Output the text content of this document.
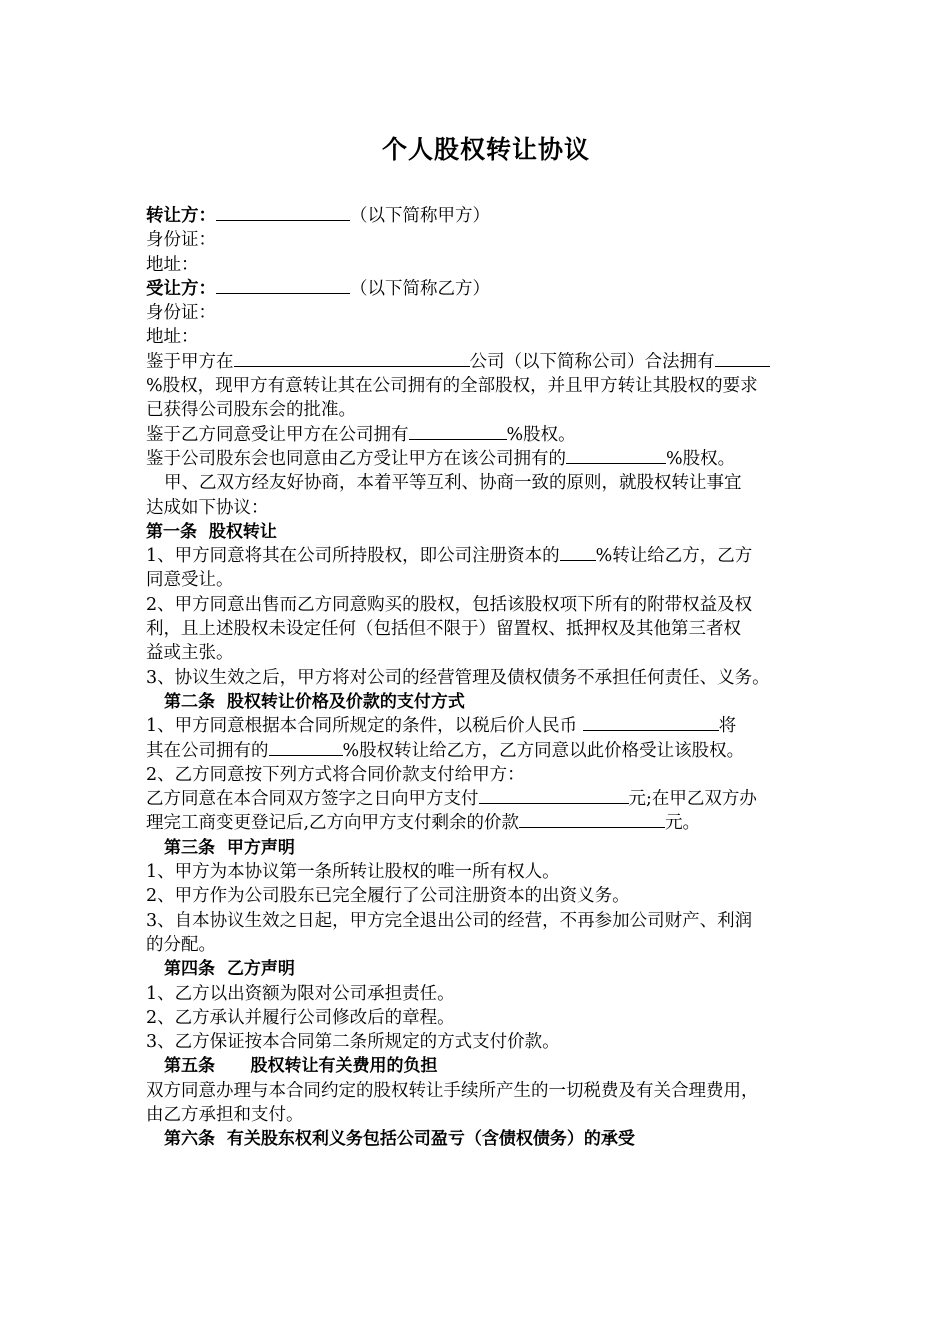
个人股权转让协议
转让方：	（以下简称甲方）
身份证：
地址：
受让方：	（以下简称乙方）
身份证：
地址：
鉴于甲方在	公司（以下简称公司）合法拥有
%股权，现甲方有意转让其在公司拥有的全部股权，并且甲方转让其股权的要求
已获得公司股东会的批准。
鉴于乙方同意受让甲方在公司拥有	%股权。
鉴于公司股东会也同意由乙方受让甲方在该公司拥有的	%股权。
甲、乙双方经友好协商，本着平等互利、协商一致的原则，就股权转让事宜
达成如下协议：
第一条  股权转让
1、甲方同意将其在公司所持股权，即公司注册资本的 %转让给乙方，乙方
同意受让。
2、甲方同意出售而乙方同意购买的股权，包括该股权项下所有的附带权益及权
利，且上述股权未设定任何（包括但不限于）留置权、抵押权及其他第三者权
益或主张。
3、协议生效之后，甲方将对公司的经营管理及债权债务不承担任何责任、义务。
第二条  股权转让价格及价款的支付方式
1、甲方同意根据本合同所规定的条件，以税后价人民币	将
其在公司拥有的	%股权转让给乙方，乙方同意以此价格受让该股权。
2、乙方同意按下列方式将合同价款支付给甲方：
乙方同意在本合同双方签字之日向甲方支付	元;在甲乙双方办
理完工商变更登记后,乙方向甲方支付剩余的价款	元。
第三条  甲方声明
1、甲方为本协议第一条所转让股权的唯一所有权人。
2、甲方作为公司股东已完全履行了公司注册资本的出资义务。
3、自本协议生效之日起，甲方完全退出公司的经营，不再参加公司财产、利润
的分配。
第四条  乙方声明
1、乙方以出资额为限对公司承担责任。
2、乙方承认并履行公司修改后的章程。
3、乙方保证按本合同第二条所规定的方式支付价款。
第五条      股权转让有关费用的负担
双方同意办理与本合同约定的股权转让手续所产生的一切税费及有关合理费用，
由乙方承担和支付。
第六条  有关股东权利义务包括公司盈亏（含债权债务）的承受
